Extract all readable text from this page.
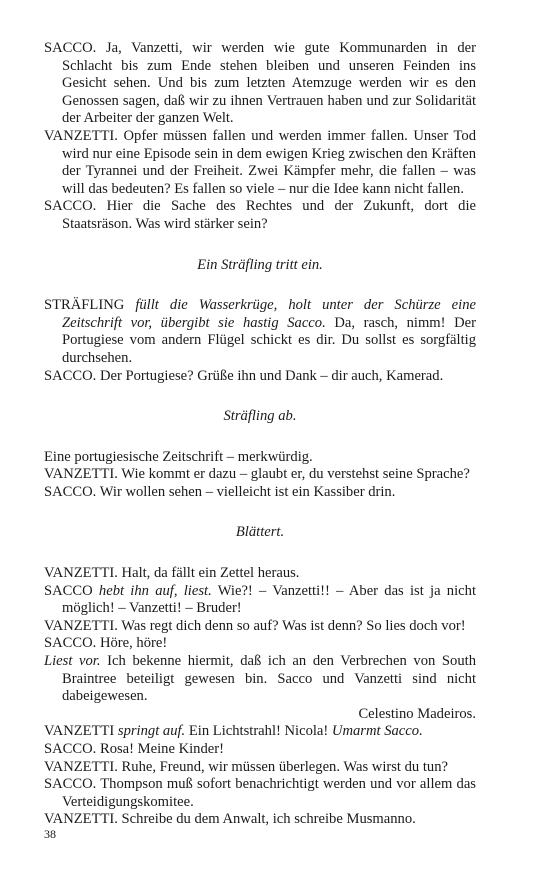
SACCO. Ja, Vanzetti, wir werden wie gute Kommunarden in der Schlacht bis zum Ende stehen bleiben und unseren Feinden ins Gesicht sehen. Und bis zum letzten Atemzuge werden wir es den Genossen sagen, daß wir zu ihnen Vertrauen haben und zur Solidarität der Arbeiter der ganzen Welt.

VANZETTI. Opfer müssen fallen und werden immer fallen. Unser Tod wird nur eine Episode sein in dem ewigen Krieg zwischen den Kräften der Tyrannei und der Freiheit. Zwei Kämpfer mehr, die fallen – was will das bedeuten? Es fallen so viele – nur die Idee kann nicht fallen.

SACCO. Hier die Sache des Rechtes und der Zukunft, dort die Staatsräson. Was wird stärker sein?

Ein Sträfling tritt ein.

STRÄFLING füllt die Wasserkrüge, holt unter der Schürze eine Zeitschrift vor, übergibt sie hastig Sacco. Da, rasch, nimm! Der Portugiese vom andern Flügel schickt es dir. Du sollst es sorgfältig durchsehen.

SACCO. Der Portugiese? Grüße ihn und Dank – dir auch, Kamerad.

Sträfling ab.

Eine portugiesische Zeitschrift – merkwürdig.

VANZETTI. Wie kommt er dazu – glaubt er, du verstehst seine Sprache?

SACCO. Wir wollen sehen – vielleicht ist ein Kassiber drin.

Blättert.

VANZETTI. Halt, da fällt ein Zettel heraus.

SACCO hebt ihn auf, liest. Wie?! – Vanzetti!! – Aber das ist ja nicht möglich! – Vanzetti! – Bruder!

VANZETTI. Was regt dich denn so auf? Was ist denn? So lies doch vor!

SACCO. Höre, höre!

Liest vor. Ich bekenne hiermit, daß ich an den Verbrechen von South Braintree beteiligt gewesen bin. Sacco und Vanzetti sind nicht dabeigewesen.

Celestino Madeiros.

VANZETTI springt auf. Ein Lichtstrahl! Nicola! Umarmt Sacco.

SACCO. Rosa! Meine Kinder!

VANZETTI. Ruhe, Freund, wir müssen überlegen. Was wirst du tun?

SACCO. Thompson muß sofort benachrichtigt werden und vor allem das Verteidigungskomitee.

VANZETTI. Schreibe du dem Anwalt, ich schreibe Musmanno.

38
